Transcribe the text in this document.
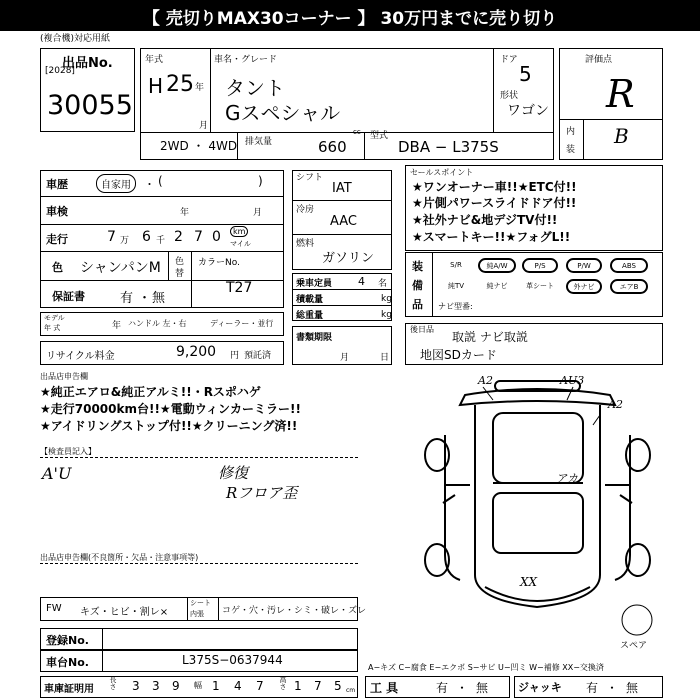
【 売切りMAX30コーナー 】 30万円までに売り切り
(複合機)対応用紙
出品No.
[2028]
30055
年式
H 25 年
月
車名・グレード
タント
Gスペシャル
ドア
5
形状
ワゴン
2WD ・ 4WD 排気量
cc
660
型式
DBA − L375S
評価点
R
内
装
B
車歴	自家用	・ (	)
車検	年	月
走行	7 万 6 千 2 7 0	km
マイル
色 シャンパンM 色
替
カラーNo.
T27
保証書	有 ・ 無
モデル
年 式	年 ハンドル 左・右	ディーラー・並行
リサイクル料金	9,200 円 預託済
シフト
IAT
冷房
AAC
燃料
ガソリン
乗車定員 4 名
積載量	kg
総重量	kg
書類期限
月	日
セールスポイント
★ワンオーナー車!!★ETC付!!
★片側パワースライドドア付!!
★社外ナビ&地デジTV付!!
★スマートキー!!★フォグL!!
装
備
品
S/R	純A/W	P/S	P/W	ABS
純TV	純ナビ	革シート	外ナビ	エアB
ナビ型番:
後日品
取説 ナビ取説
地図SDカード
出品店申告欄
★純正エアロ&純正アルミ!!・Rスポハゲ
★走行70000km台!!★電動ウィンカーミラー!!
★アイドリングストップ付!!★クリーニング済!!
【検査員記入】
A'U	修復
Rフロア歪
A2	AU3
A2
アカ
XX
出品店申告欄(不良箇所・欠品・注意事項等)
FW キズ・ヒビ・割レ×
シート
内張 コゲ・穴・汚レ・シミ・破レ・ズレ
登録No.
車台No.	L375S−0637944
車庫証明用 長さ 3 3 9 幅 1 4 7 高さ 1 7 5 cm
スペア
A−キズ C−腐食 E−エクボ S−サビ U−凹ミ W−補修 XX−交換済
工 具	有 ・ 無	ジャッキ 有 ・ 無
